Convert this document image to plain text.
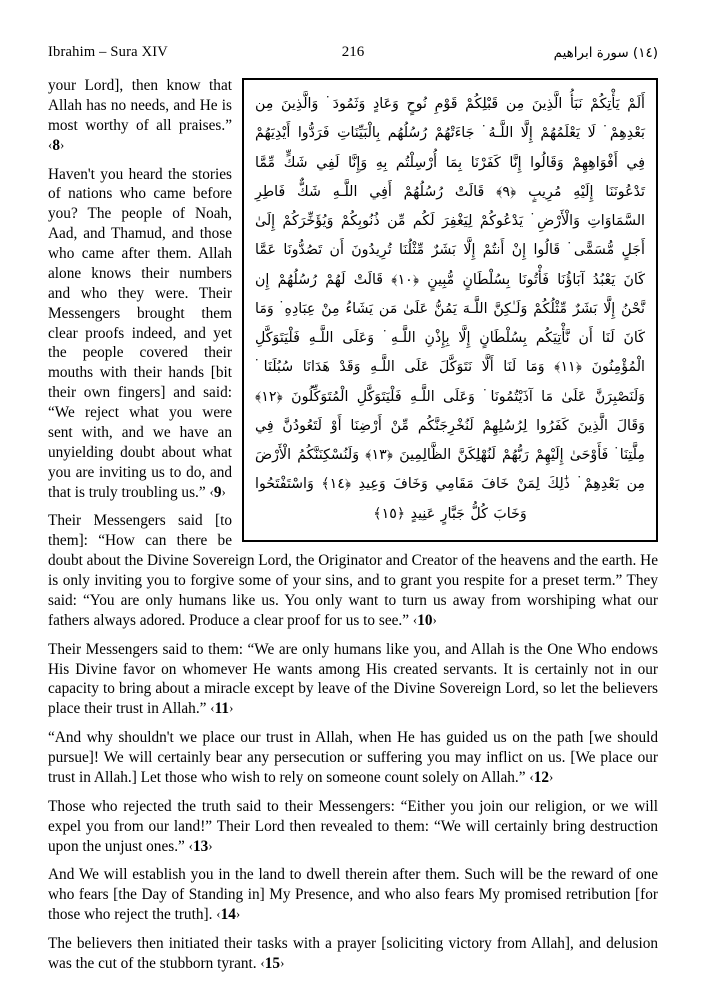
Ibrahim – Sura XIV	216	(١٤) سورة ابراهيم

أَلَمْ يَأْتِكُمْ نَبَأُ الَّذِينَ مِن قَبْلِكُمْ قَوْمِ نُوحٍ وَعَادٍ وَثَمُودَ ۬ وَالَّذِينَ مِن بَعْدِهِمْ ۬ لَا يَعْلَمُهُمْ إِلَّا اللَّـهُ ۬ جَاءَتْهُمْ رُسُلُهُم بِالْبَيِّنَاتِ فَرَدُّوا أَيْدِيَهُمْ فِي أَفْوَاهِهِمْ وَقَالُوا إِنَّا كَفَرْنَا بِمَا أُرْسِلْتُم بِهِ وَإِنَّا لَفِي شَكٍّ مِّمَّا تَدْعُونَنَا إِلَيْهِ مُرِيبٍ ﴿٩﴾ قَالَتْ رُسُلُهُمْ أَفِي اللَّـهِ شَكٌّ فَاطِرِ السَّمَاوَاتِ وَالْأَرْضِ ۬ يَدْعُوكُمْ لِيَغْفِرَ لَكُم مِّن ذُنُوبِكُمْ وَيُؤَخِّرَكُمْ إِلَىٰ أَجَلٍ مُّسَمًّى ۬ قَالُوا إِنْ أَنتُمْ إِلَّا بَشَرٌ مِّثْلُنَا تُرِيدُونَ أَن تَصُدُّونَا عَمَّا كَانَ يَعْبُدُ آبَاؤُنَا فَأْتُونَا بِسُلْطَانٍ مُّبِينٍ ﴿١٠﴾ قَالَتْ لَهُمْ رُسُلُهُمْ إِن نَّحْنُ إِلَّا بَشَرٌ مِّثْلُكُمْ وَلَـٰكِنَّ اللَّـهَ يَمُنُّ عَلَىٰ مَن يَشَاءُ مِنْ عِبَادِهِ ۬ وَمَا كَانَ لَنَا أَن نَّأْتِيَكُم بِسُلْطَانٍ إِلَّا بِإِذْنِ اللَّـهِ ۬ وَعَلَى اللَّـهِ فَلْيَتَوَكَّلِ الْمُؤْمِنُونَ ﴿١١﴾ وَمَا لَنَا أَلَّا نَتَوَكَّلَ عَلَى اللَّـهِ وَقَدْ هَدَانَا سُبُلَنَا ۬ وَلَنَصْبِرَنَّ عَلَىٰ مَا آذَيْتُمُونَا ۬ وَعَلَى اللَّـهِ فَلْيَتَوَكَّلِ الْمُتَوَكِّلُونَ ﴿١٢﴾ وَقَالَ الَّذِينَ كَفَرُوا لِرُسُلِهِمْ لَنُخْرِجَنَّكُم مِّنْ أَرْضِنَا أَوْ لَتَعُودُنَّ فِي مِلَّتِنَا ۬ فَأَوْحَىٰ إِلَيْهِمْ رَبُّهُمْ لَنُهْلِكَنَّ الظَّالِمِينَ ﴿١٣﴾ وَلَنُسْكِنَنَّكُمُ الْأَرْضَ مِن بَعْدِهِمْ ۬ ذَٰلِكَ لِمَنْ خَافَ مَقَامِي وَخَافَ وَعِيدِ ﴿١٤﴾ وَاسْتَفْتَحُوا وَخَابَ كُلُّ جَبَّارٍ عَنِيدٍ ﴿١٥﴾

your Lord], then know that Allah has no needs, and He is most worthy of all praises.” ‹8›

Haven't you heard the stories of nations who came before you? The people of Noah, Aad, and Thamud, and those who came after them. Allah alone knows their numbers and who they were. Their Messengers brought them clear proofs indeed, and yet the people covered their mouths with their hands [bit their own fingers] and said: “We reject what you were sent with, and we have an unyielding doubt about what you are inviting us to do, and that is truly troubling us.” ‹9›

Their Messengers said [to them]: “How can there be doubt about the Divine Sovereign Lord, the Originator and Creator of the heavens and the earth. He is only inviting you to forgive some of your sins, and to grant you respite for a preset term.” They said: “You are only humans like us. You only want to turn us away from worshiping what our fathers always adored. Produce a clear proof for us to see.” ‹10›

Their Messengers said to them: “We are only humans like you, and Allah is the One Who endows His Divine favor on whomever He wants among His created servants. It is certainly not in our capacity to bring about a miracle except by leave of the Divine Sovereign Lord, so let the believers place their trust in Allah.” ‹11›

“And why shouldn't we place our trust in Allah, when He has guided us on the path [we should pursue]! We will certainly bear any persecution or suffering you may inflict on us. [We place our trust in Allah.] Let those who wish to rely on someone count solely on Allah.” ‹12›

Those who rejected the truth said to their Messengers: “Either you join our religion, or we will expel you from our land!” Their Lord then revealed to them: “We will certainly bring destruction upon the unjust ones.” ‹13›

And We will establish you in the land to dwell therein after them. Such will be the reward of one who fears [the Day of Standing in] My Presence, and who also fears My promised retribution [for those who reject the truth]. ‹14›

The believers then initiated their tasks with a prayer [soliciting victory from Allah], and delusion was the cut of the stubborn tyrant. ‹15›
